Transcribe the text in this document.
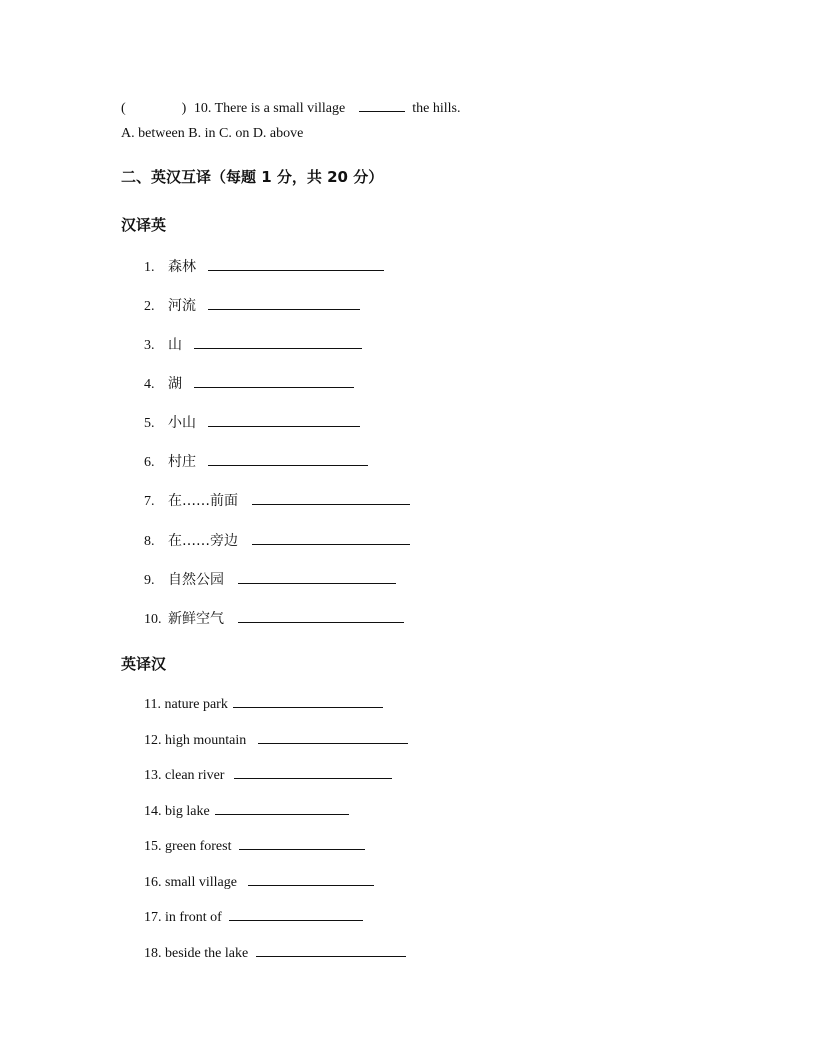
(	) 10. There is a small village	the hills.
A. between B. in C. on D. above
二、英汉互译（每题 1 分，共 20 分）
汉译英
1. 森林
2. 河流
3. 山
4. 湖
5. 小山
6. 村庄
7. 在……前面
8. 在……旁边
9. 自然公园
10. 新鲜空气
英译汉
11. nature park
12. high mountain
13. clean river
14. big lake
15. green forest
16. small village
17. in front of
18. beside the lake
